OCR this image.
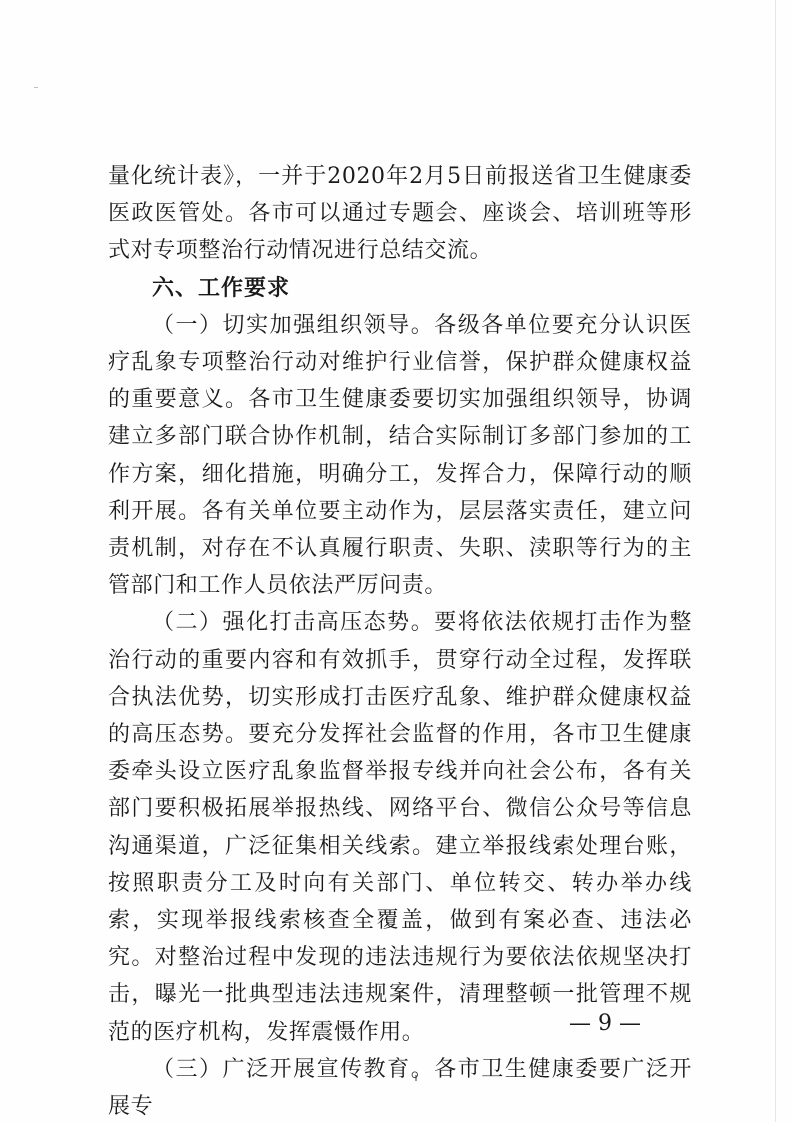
量化统计表》，一并于2020年2月5日前报送省卫生健康委医政医管处。各市可以通过专题会、座谈会、培训班等形式对专项整治行动情况进行总结交流。

六、工作要求

（一）切实加强组织领导。各级各单位要充分认识医疗乱象专项整治行动对维护行业信誉，保护群众健康权益的重要意义。各市卫生健康委要切实加强组织领导，协调建立多部门联合协作机制，结合实际制订多部门参加的工作方案，细化措施，明确分工，发挥合力，保障行动的顺利开展。各有关单位要主动作为，层层落实责任，建立问责机制，对存在不认真履行职责、失职、渎职等行为的主管部门和工作人员依法严厉问责。

（二）强化打击高压态势。要将依法依规打击作为整治行动的重要内容和有效抓手，贯穿行动全过程，发挥联合执法优势，切实形成打击医疗乱象、维护群众健康权益的高压态势。要充分发挥社会监督的作用，各市卫生健康委牵头设立医疗乱象监督举报专线并向社会公布，各有关部门要积极拓展举报热线、网络平台、微信公众号等信息沟通渠道，广泛征集相关线索。建立举报线索处理台账，按照职责分工及时向有关部门、单位转交、转办举办线索，实现举报线索核查全覆盖，做到有案必查、违法必究。对整治过程中发现的违法违规行为要依法依规坚决打击，曝光一批典型违法违规案件，清理整顿一批管理不规范的医疗机构，发挥震慑作用。

（三）广泛开展宣传教育。各市卫生健康委要广泛开展专

— 9 —
